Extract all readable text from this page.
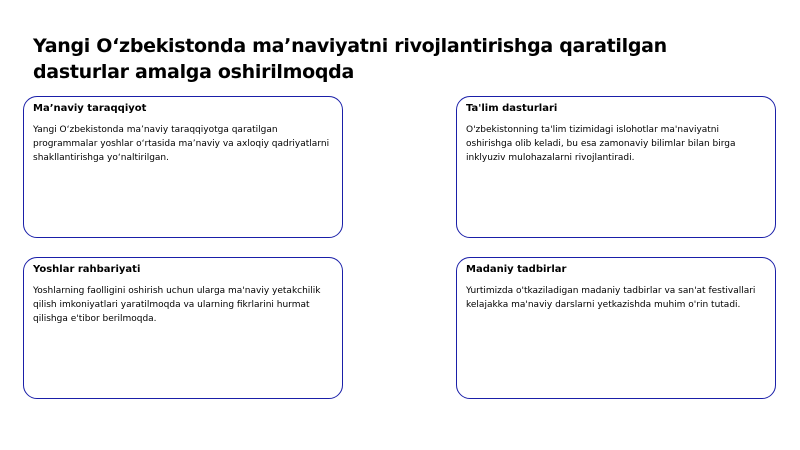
Yangi Oʻzbekistonda maʼnaviyatni rivojlantirishga qaratilgan dasturlar amalga oshirilmoqda
Ma’naviy taraqqiyot

Yangi O‘zbekistonda ma’naviy taraqqiyotga qaratilgan programmalar yoshlar o‘rtasida ma’naviy va axloqiy qadriyatlarni shakllantirishga yo‘naltirilgan.

Ta'lim dasturlari

O'zbekistonning ta'lim tizimidagi islohotlar ma'naviyatni oshirishga olib keladi, bu esa zamonaviy bilimlar bilan birga inklyuziv mulohazalarni rivojlantiradi.

Yoshlar rahbariyati

Yoshlarning faolligini oshirish uchun ularga ma'naviy yetakchilik qilish imkoniyatlari yaratilmoqda va ularning fikrlarini hurmat qilishga e'tibor berilmoqda.

Madaniy tadbirlar

Yurtimizda o'tkaziladigan madaniy tadbirlar va san'at festivallari kelajakka ma'naviy darslarni yetkazishda muhim o'rin tutadi.
